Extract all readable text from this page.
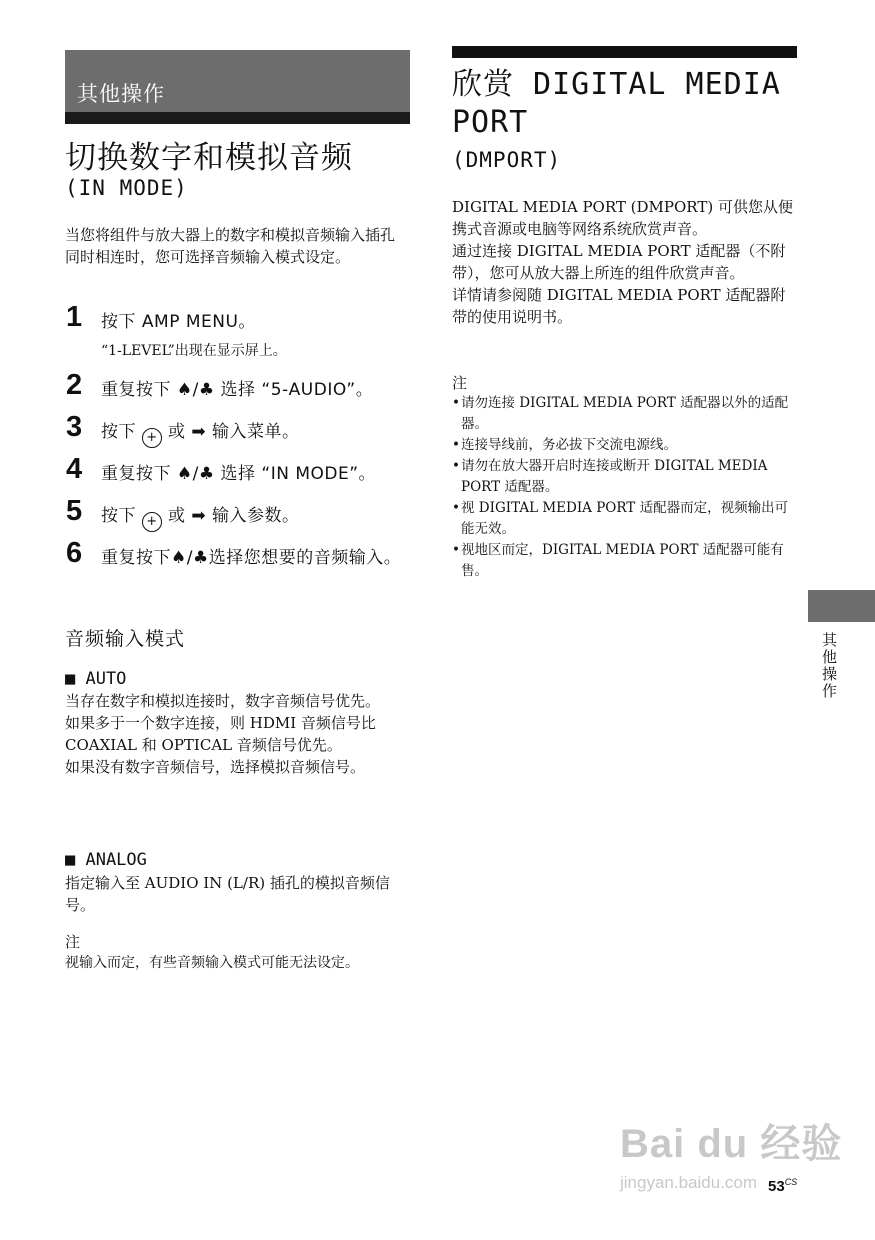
其他操作
切换数字和模拟音频
(IN MODE)
当您将组件与放大器上的数字和模拟音频输入插孔同时相连时，您可选择音频输入模式设定。
1 按下 AMP MENU。
“1-LEVEL”出现在显示屏上。
2 重复按下 ♠/♣ 选择 “5-AUDIO”。
3 按下 + 或 ➡ 输入菜单。
4 重复按下 ♠/♣ 选择 “IN MODE”。
5 按下 + 或 ➡ 输入参数。
6 重复按下♠/♣选择您想要的音频输入。
音频输入模式
■ AUTO
当存在数字和模拟连接时，数字音频信号优先。
如果多于一个数字连接，则 HDMI 音频信号比 COAXIAL 和 OPTICAL 音频信号优先。
如果没有数字音频信号，选择模拟音频信号。
■ ANALOG
指定输入至 AUDIO IN (L/R) 插孔的模拟音频信号。
注
视输入而定，有些音频输入模式可能无法设定。
欣赏 DIGITAL MEDIA
PORT
(DMPORT)
DIGITAL MEDIA PORT (DMPORT) 可供您从便携式音源或电脑等网络系统欣赏声音。
通过连接 DIGITAL MEDIA PORT 适配器（不附带），您可从放大器上所连的组件欣赏声音。
详情请参阅随 DIGITAL MEDIA PORT 适配器附带的使用说明书。
注
• 请勿连接 DIGITAL MEDIA PORT 适配器以外的适配器。
• 连接导线前，务必拔下交流电源线。
• 请勿在放大器开启时连接或断开 DIGITAL MEDIA PORT 适配器。
• 视 DIGITAL MEDIA PORT 适配器而定，视频输出可能无效。
• 视地区而定，DIGITAL MEDIA PORT 适配器可能有售。
其他操作
Bai du 经验
jingyan.baidu.com $53^{CS}$
